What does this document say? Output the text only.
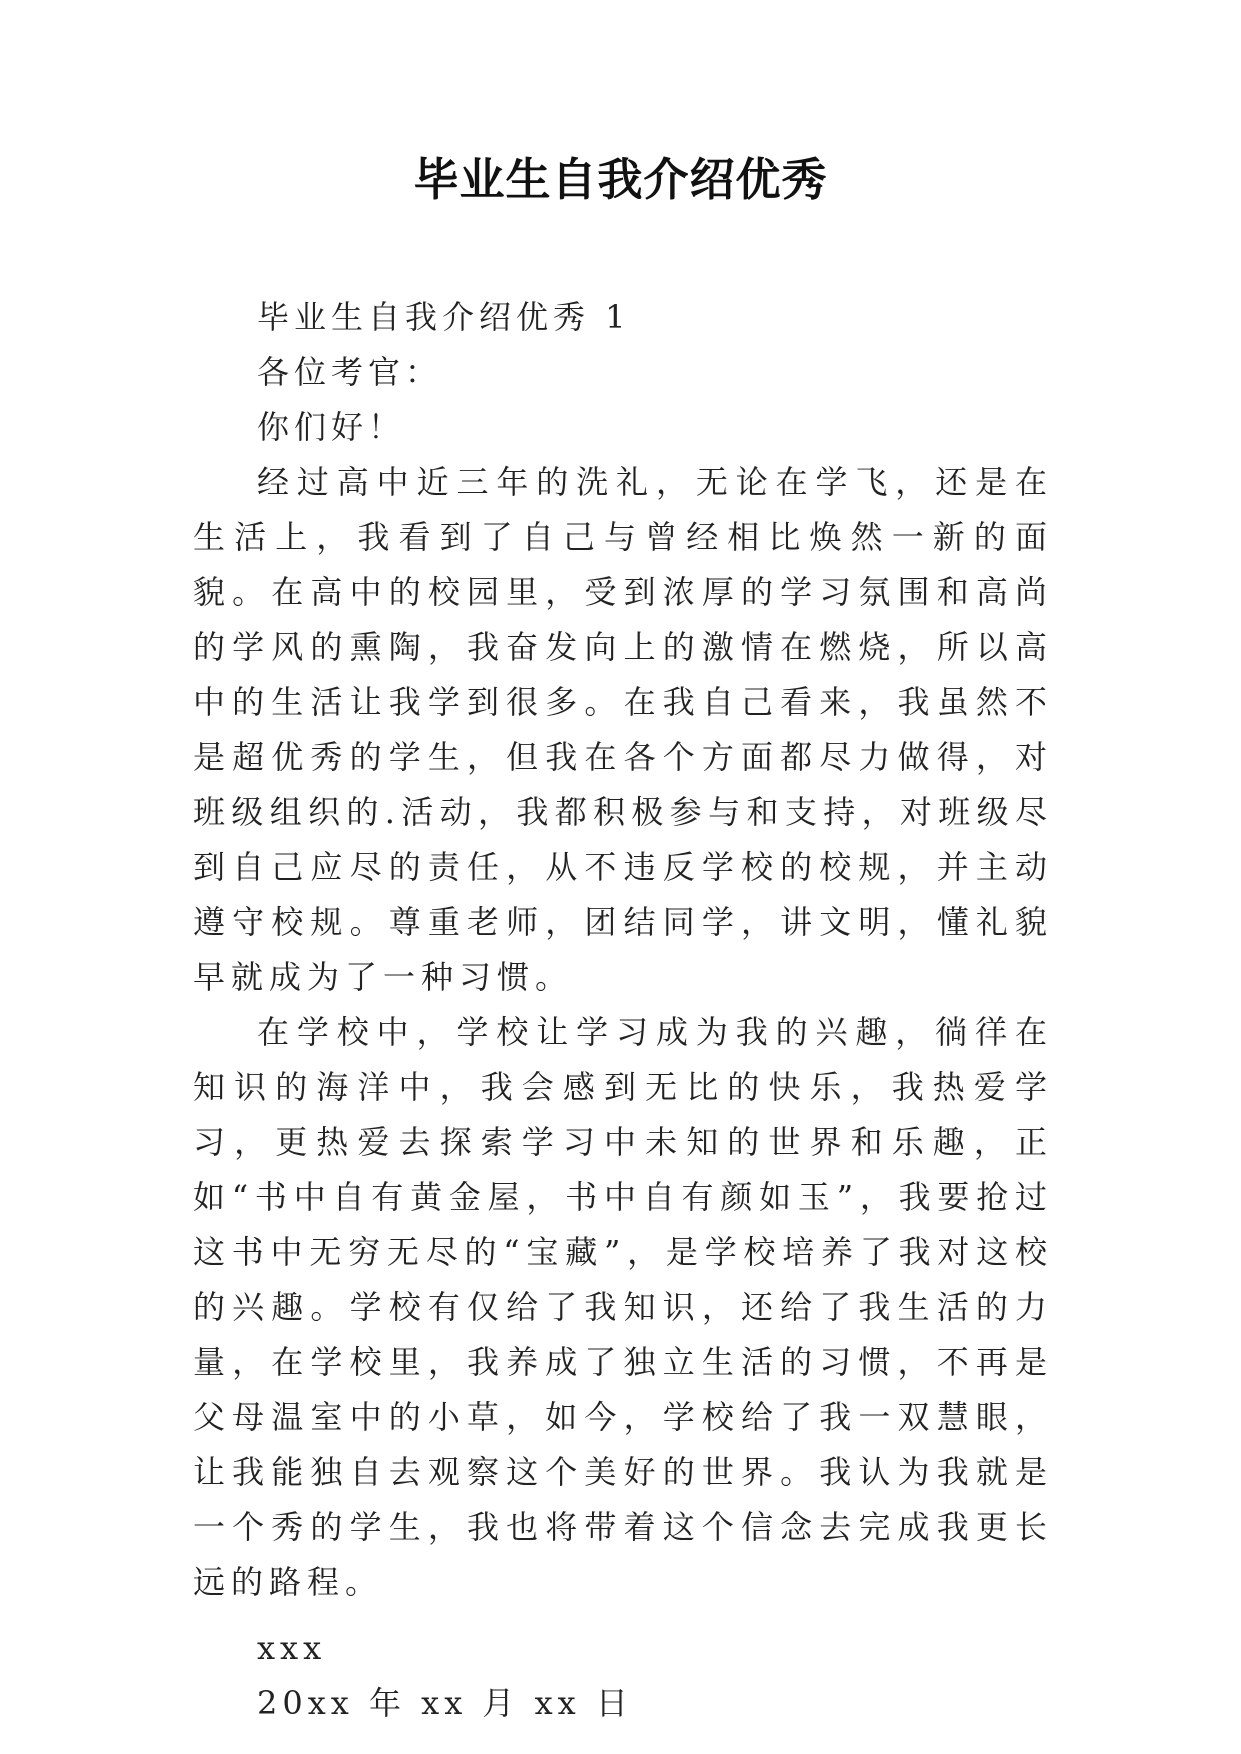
毕业生自我介绍优秀

毕业生自我介绍优秀 1

各位考官：

你们好！

经过高中近三年的洗礼，无论在学飞，还是在生活上，我看到了自己与曾经相比焕然一新的面貌。在高中的校园里，受到浓厚的学习氛围和高尚的学风的熏陶，我奋发向上的激情在燃烧，所以高中的生活让我学到很多。在我自己看来，我虽然不是超优秀的学生，但我在各个方面都尽力做得，对班级组织的.活动，我都积极参与和支持，对班级尽到自己应尽的责任，从不违反学校的校规，并主动遵守校规。尊重老师，团结同学，讲文明，懂礼貌早就成为了一种习惯。

在学校中，学校让学习成为我的兴趣，徜徉在知识的海洋中，我会感到无比的快乐，我热爱学习，更热爱去探索学习中未知的世界和乐趣，正如“书中自有黄金屋，书中自有颜如玉”，我要抢过这书中无穷无尽的“宝藏”，是学校培养了我对这校的兴趣。学校有仅给了我知识，还给了我生活的力量，在学校里，我养成了独立生活的习惯，不再是父母温室中的小草，如今，学校给了我一双慧眼，让我能独自去观察这个美好的世界。我认为我就是一个秀的学生，我也将带着这个信念去完成我更长远的路程。

xxx

20xx 年 xx 月 xx 日
